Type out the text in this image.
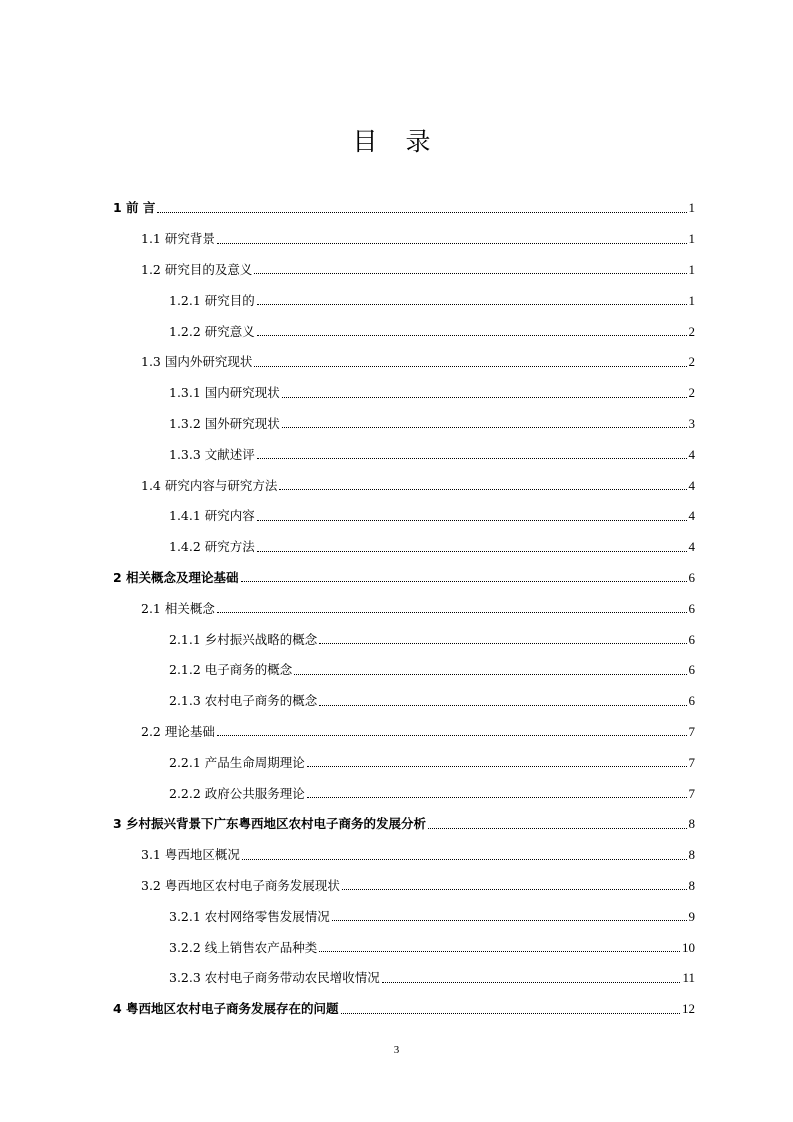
目 录
1 前 言	1
1.1 研究背景	1
1.2 研究目的及意义	1
1.2.1 研究目的	1
1.2.2 研究意义	2
1.3 国内外研究现状	2
1.3.1 国内研究现状	2
1.3.2 国外研究现状	3
1.3.3 文献述评	4
1.4 研究内容与研究方法	4
1.4.1 研究内容	4
1.4.2 研究方法	4
2 相关概念及理论基础	6
2.1 相关概念	6
2.1.1 乡村振兴战略的概念	6
2.1.2 电子商务的概念	6
2.1.3 农村电子商务的概念	6
2.2 理论基础	7
2.2.1 产品生命周期理论	7
2.2.2 政府公共服务理论	7
3 乡村振兴背景下广东粤西地区农村电子商务的发展分析	8
3.1 粤西地区概况	8
3.2 粤西地区农村电子商务发展现状	8
3.2.1 农村网络零售发展情况	9
3.2.2 线上销售农产品种类	10
3.2.3 农村电子商务带动农民增收情况	11
4 粤西地区农村电子商务发展存在的问题	12
3
